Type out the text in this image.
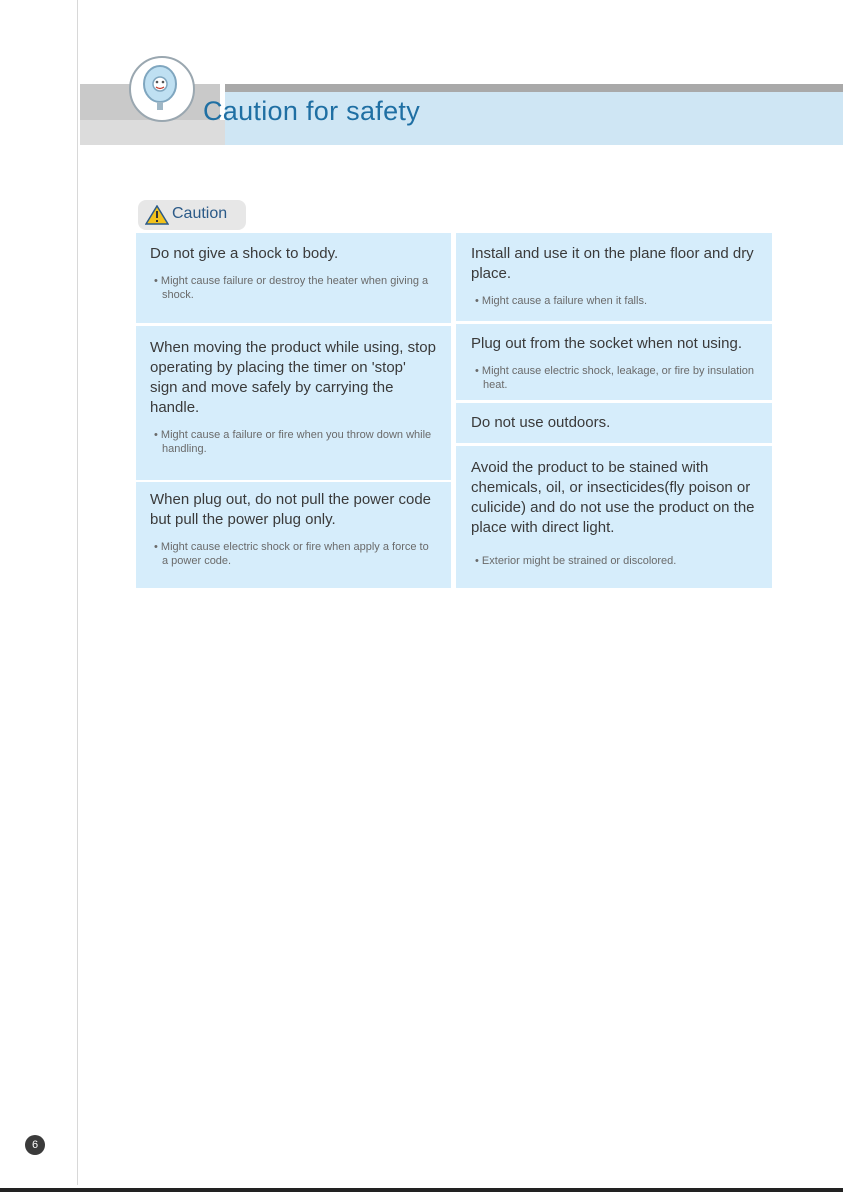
Caution for safety
Caution

Do not give a shock to body.

• Might cause failure or destroy the heater when giving a shock.

When moving the product while using, stop operating by placing the timer on 'stop' sign and move safely by carrying the handle.

• Might cause a failure or fire when you throw down while handling.

When plug out, do not pull the power code but pull the power plug only.

• Might cause electric shock or fire when apply a force to a power code.

Install and use it on the plane floor and dry place.

• Might cause a failure when it falls.

Plug out from the socket when not using.

• Might cause electric shock, leakage, or fire by insulation heat.

Do not use outdoors.

Avoid the product to be stained with chemicals, oil, or insecticides(fly poison or culicide) and do not use the product on the place with direct light.

• Exterior might be strained or discolored.

6
